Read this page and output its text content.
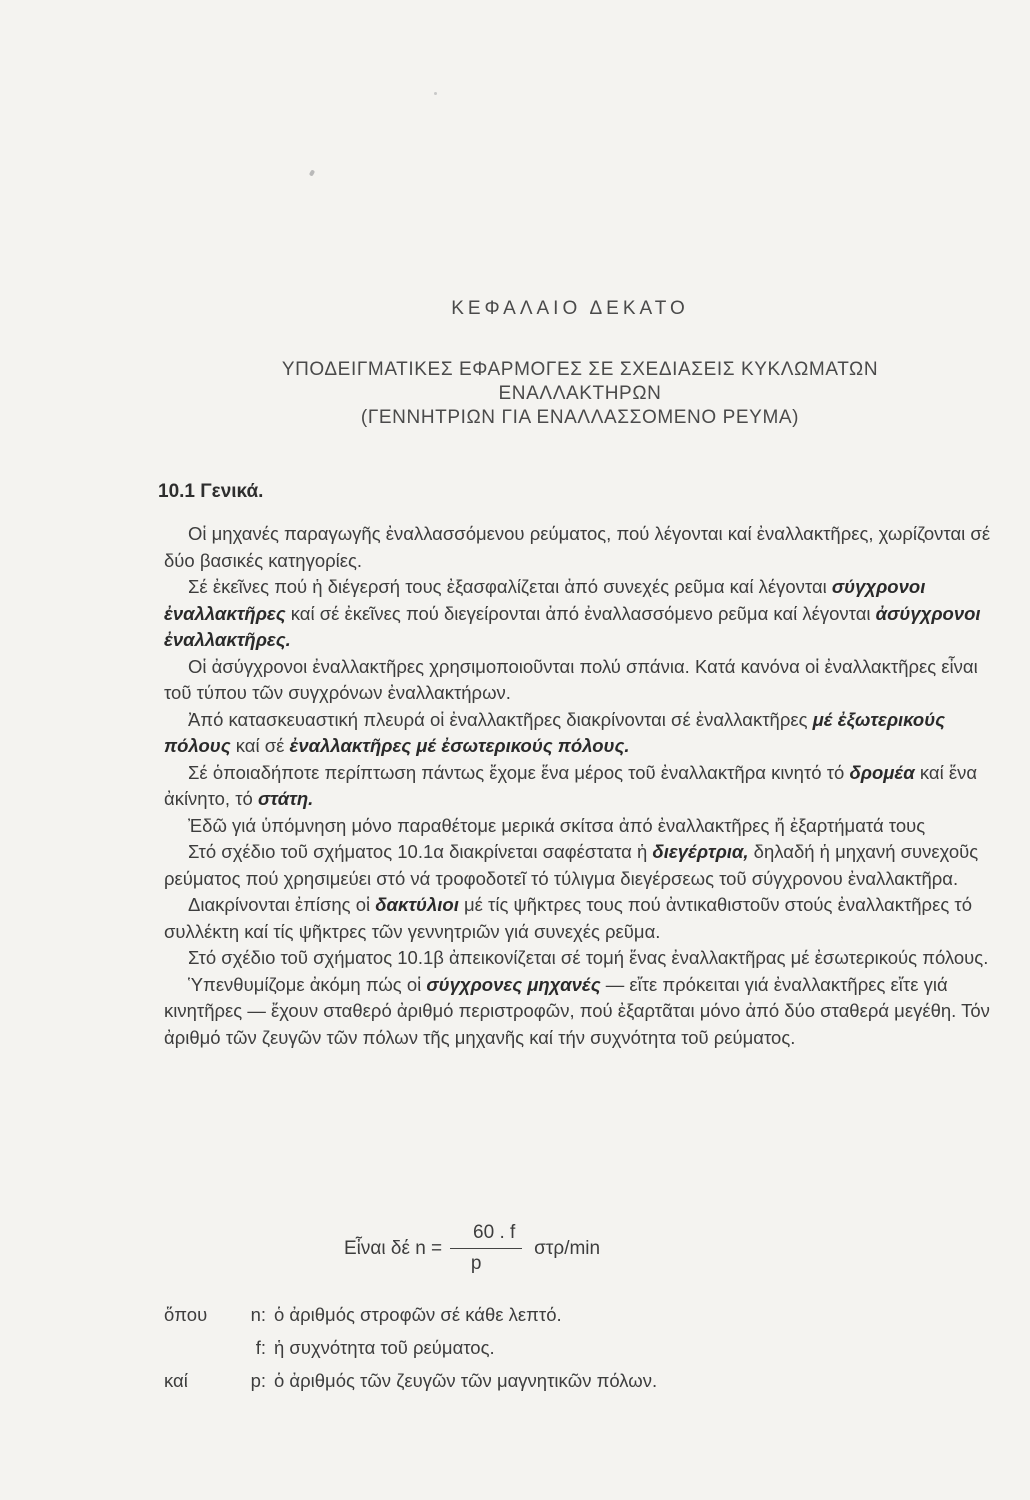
ΚΕΦΑΛΑΙΟ ΔΕΚΑΤΟ
ΥΠΟΔΕΙΓΜΑΤΙΚΕΣ ΕΦΑΡΜΟΓΕΣ ΣΕ ΣΧΕΔΙΑΣΕΙΣ ΚΥΚΛΩΜΑΤΩΝ
ΕΝΑΛΛΑΚΤΗΡΩΝ
(ΓΕΝΝΗΤΡΙΩΝ ΓΙΑ ΕΝΑΛΛΑΣΣΟΜΕΝΟ ΡΕΥΜΑ)
10.1 Γενικά.

Οἱ μηχανές παραγωγῆς ἐναλλασσόμενου ρεύματος, πού λέγονται καί ἐναλλακτῆρες, χωρίζονται σέ δύο βασικές κατηγορίες.

Σέ ἐκεῖνες πού ἡ διέγερσή τους ἐξασφαλίζεται ἀπό συνεχές ρεῦμα καί λέγονται σύγχρονοι ἐναλλακτῆρες καί σέ ἐκεῖνες πού διεγείρονται ἀπό ἐναλλασσόμενο ρεῦμα καί λέγονται ἀσύγχρονοι ἐναλλακτῆρες.

Οἱ ἀσύγχρονοι ἐναλλακτῆρες χρησιμοποιοῦνται πολύ σπάνια. Κατά κανόνα οἱ ἐναλλακτῆρες εἶναι τοῦ τύπου τῶν συγχρόνων ἐναλλακτήρων.

Ἀπό κατασκευαστική πλευρά οἱ ἐναλλακτῆρες διακρίνονται σέ ἐναλλακτῆρες μέ ἐξωτερικούς πόλους καί σέ ἐναλλακτῆρες μέ ἐσωτερικούς πόλους.

Σέ ὁποιαδήποτε περίπτωση πάντως ἔχομε ἕνα μέρος τοῦ ἐναλλακτῆρα κινητό τό δρομέα καί ἕνα ἀκίνητο, τό στάτη.

Ἐδῶ γιά ὑπόμνηση μόνο παραθέτομε μερικά σκίτσα ἀπό ἐναλλακτῆρες ἤ ἐξαρτήματά τους

Στό σχέδιο τοῦ σχήματος 10.1α διακρίνεται σαφέστατα ἡ διεγέρτρια, δηλαδή ἡ μηχανή συνεχοῦς ρεύματος πού χρησιμεύει στό νά τροφοδοτεῖ τό τύλιγμα διεγέρσεως τοῦ σύγχρονου ἐναλλακτῆρα.

Διακρίνονται ἐπίσης οἱ δακτύλιοι μέ τίς ψῆκτρες τους πού ἀντικαθιστοῦν στούς ἐναλλακτῆρες τό συλλέκτη καί τίς ψῆκτρες τῶν γεννητριῶν γιά συνεχές ρεῦμα.

Στό σχέδιο τοῦ σχήματος 10.1β ἀπεικονίζεται σέ τομή ἕνας ἐναλλακτῆρας μέ ἐσωτερικούς πόλους.

Ὑπενθυμίζομε ἀκόμη πώς οἱ σύγχρονες μηχανές — εἴτε πρόκειται γιά ἐναλλακτῆρες εἴτε γιά κινητῆρες — ἔχουν σταθερό ἀριθμό περιστροφῶν, πού ἐξαρτᾶται μόνο ἀπό δύο σταθερά μεγέθη. Τόν ἀριθμό τῶν ζευγῶν τῶν πόλων τῆς μηχανῆς καί τήν συχνότητα τοῦ ρεύματος.

Εἶναι δέ $n = \frac{60 . f}{p} \sigma\tau\rho/\min$
ὅπου	n: ὁ ἀριθμός στροφῶν σέ κάθε λεπτό.
f: ἡ συχνότητα τοῦ ρεύματος.
καί	p: ὁ ἀριθμός τῶν ζευγῶν τῶν μαγνητικῶν πόλων.
